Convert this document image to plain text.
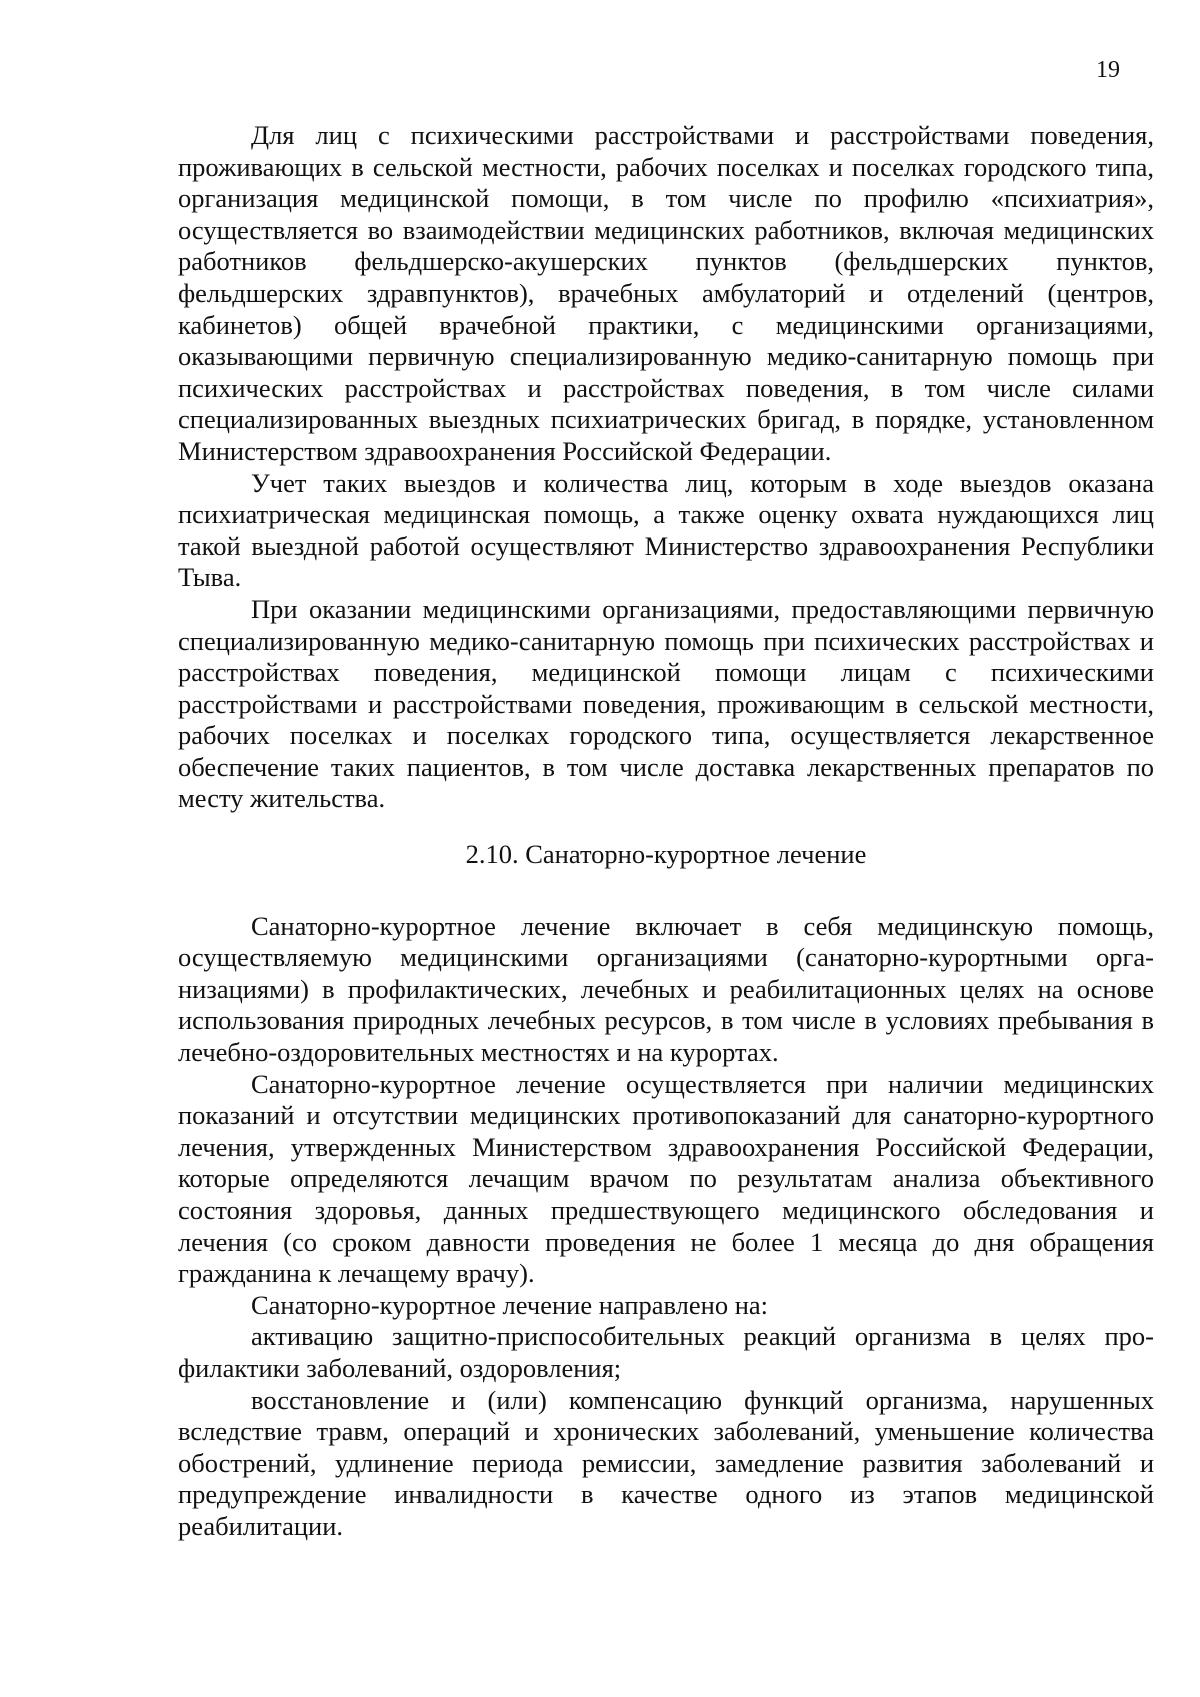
19

Для лиц с психическими расстройствами и расстройствами поведения, проживающих в сельской местности, рабочих поселках и поселках городского типа, организация медицинской помощи, в том числе по профилю «психиатрия», осуществляется во взаимодействии медицинских работников, включая медицинских работников фельдшерско-акушерских пунктов (фельдшерских пунктов, фельдшерских здравпунктов), врачебных амбулаторий и отделений (центров, кабинетов) общей врачебной практики, с медицинскими организациями, оказывающими первичную специализированную медико-санитарную помощь при психических расстройствах и расстройствах поведения, в том числе силами специализированных выездных психиатрических бригад, в порядке, установленном Министерством здравоохранения Российской Федерации.

Учет таких выездов и количества лиц, которым в ходе выездов оказана психиатрическая медицинская помощь, а также оценку охвата нуждающихся лиц такой выездной работой осуществляют Министерство здравоохранения Республики Тыва.

При оказании медицинскими организациями, предоставляющими первичную специализированную медико-санитарную помощь при психических расстройствах и расстройствах поведения, медицинской помощи лицам с психическими расстройствами и расстройствами поведения, проживающим в сельской местности, рабочих поселках и поселках городского типа, осуществляется лекарственное обеспечение таких пациентов, в том числе доставка лекарственных препаратов по месту жительства.

2.10. Санаторно-курортное лечение

Санаторно-курортное лечение включает в себя медицинскую помощь, осуществляемую медицинскими организациями (санаторно-курортными организациями) в профилактических, лечебных и реабилитационных целях на основе использования природных лечебных ресурсов, в том числе в условиях пребывания в лечебно-оздоровительных местностях и на курортах.

Санаторно-курортное лечение осуществляется при наличии медицинских показаний и отсутствии медицинских противопоказаний для санаторно-курортного лечения, утвержденных Министерством здравоохранения Российской Федерации, которые определяются лечащим врачом по результатам анализа объективного состояния здоровья, данных предшествующего медицинского обследования и лечения (со сроком давности проведения не более 1 месяца до дня обращения гражданина к лечащему врачу).

Санаторно-курортное лечение направлено на:

активацию защитно-приспособительных реакций организма в целях профилактики заболеваний, оздоровления;

восстановление и (или) компенсацию функций организма, нарушенных вследствие травм, операций и хронических заболеваний, уменьшение количества обострений, удлинение периода ремиссии, замедление развития заболеваний и предупреждение инвалидности в качестве одного из этапов медицинской реабилитации.
